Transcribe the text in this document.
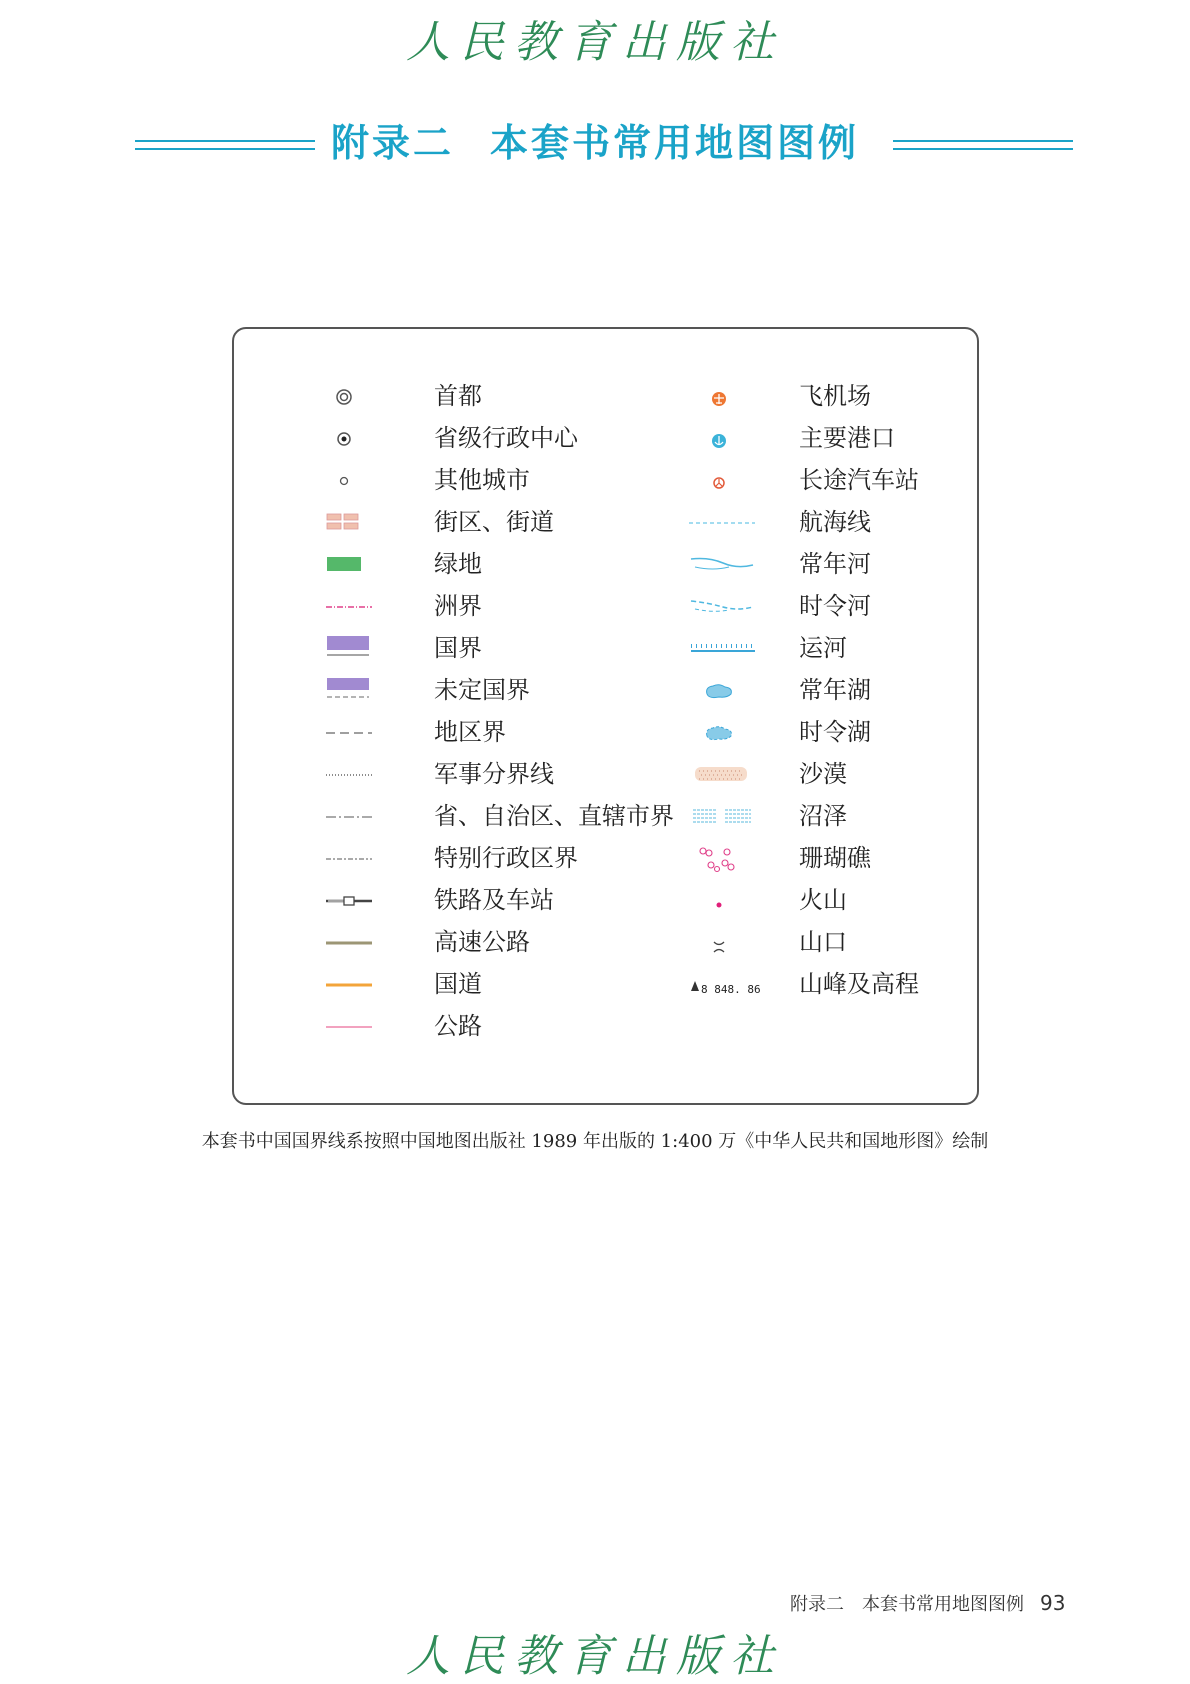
人民教育出版社
附录二 本套书常用地图图例
首都
省级行政中心
其他城市
街区、街道
绿地
洲界
国界
未定国界
地区界
军事分界线
省、自治区、直辖市界
特别行政区界
铁路及车站
高速公路
国道
公路
飞机场
主要港口
长途汽车站
航海线
常年河
时令河
运河
常年湖
时令湖
沙漠
沼泽
珊瑚礁
火山
山口
$_{8 848. 86}$	山峰及高程
本套书中国国界线系按照中国地图出版社 1989 年出版的 1:400 万《中华人民共和国地形图》绘制
附录二　本套书常用地图图例 93
人民教育出版社
